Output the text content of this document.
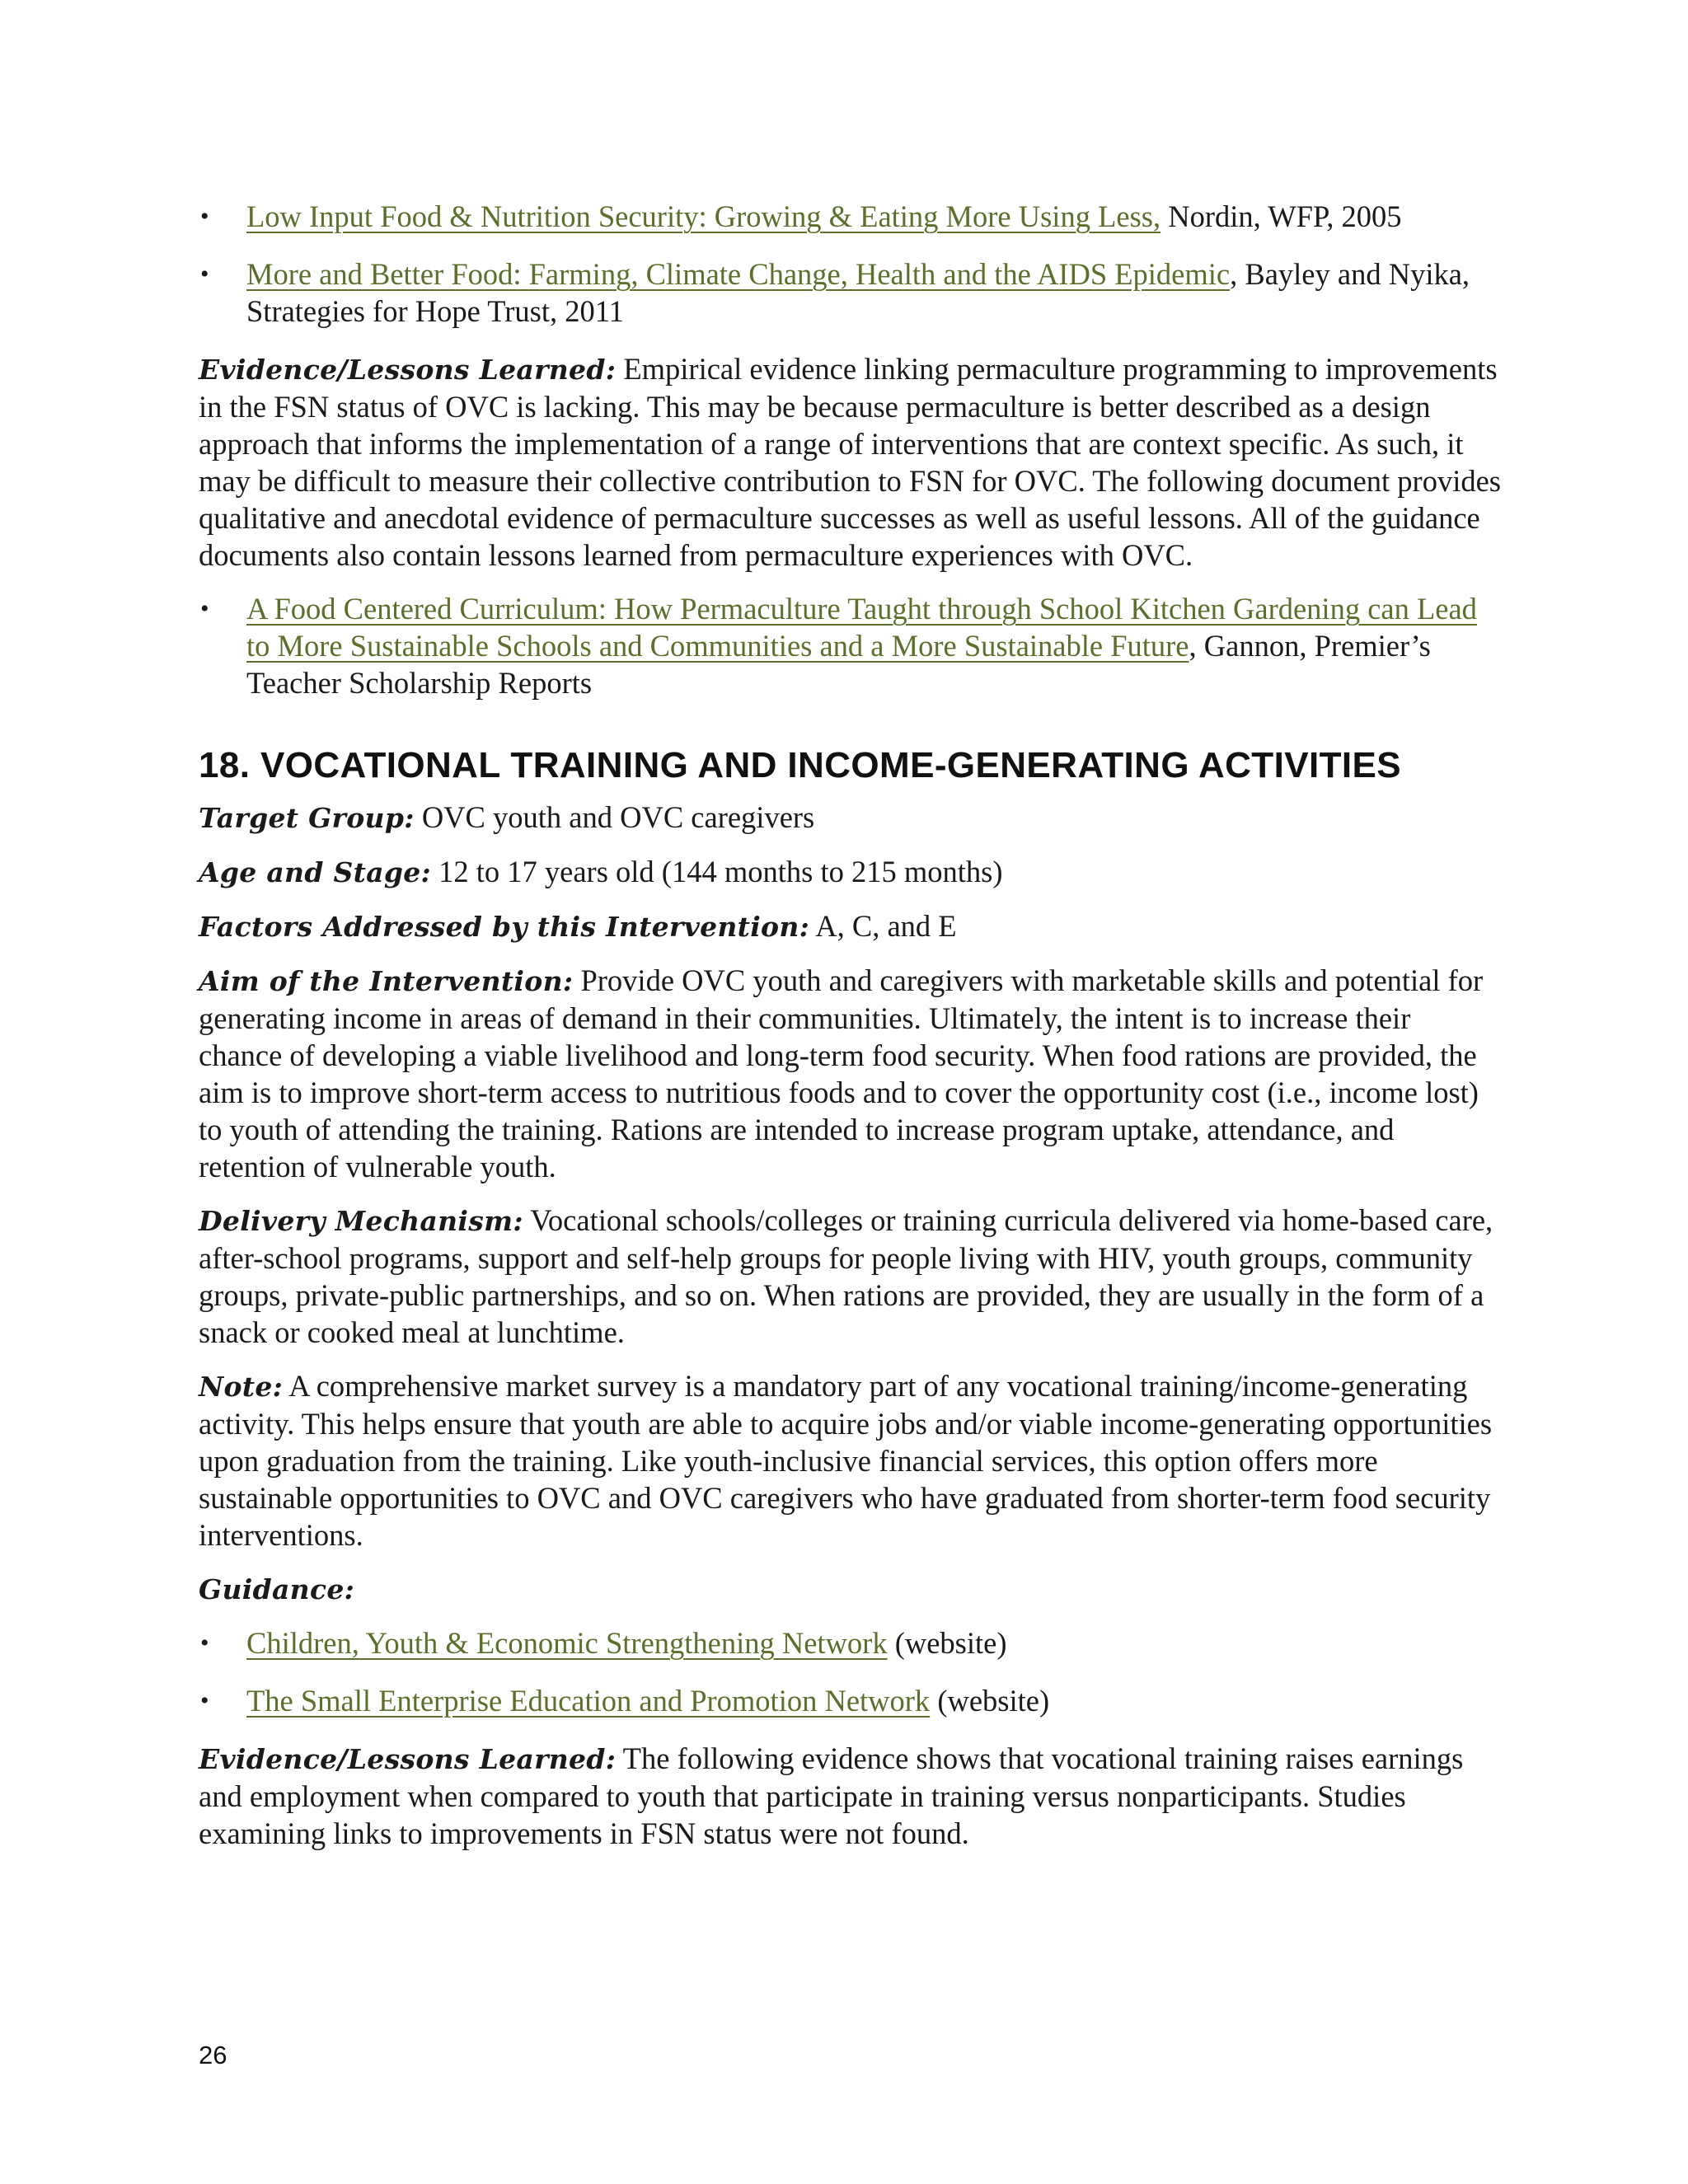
• Low Input Food & Nutrition Security: Growing & Eating More Using Less, Nordin, WFP, 2005
• More and Better Food: Farming, Climate Change, Health and the AIDS Epidemic, Bayley and Nyika, Strategies for Hope Trust, 2011

Evidence/Lessons Learned: Empirical evidence linking permaculture programming to improvements in the FSN status of OVC is lacking. This may be because permaculture is better described as a design approach that informs the implementation of a range of interventions that are context specific. As such, it may be difficult to measure their collective contribution to FSN for OVC. The following document provides qualitative and anecdotal evidence of permaculture successes as well as useful lessons. All of the guidance documents also contain lessons learned from permaculture experiences with OVC.

• A Food Centered Curriculum: How Permaculture Taught through School Kitchen Gardening can Lead to More Sustainable Schools and Communities and a More Sustainable Future, Gannon, Premier’s Teacher Scholarship Reports
18. VOCATIONAL TRAINING AND INCOME-GENERATING ACTIVITIES

Target Group: OVC youth and OVC caregivers

Age and Stage: 12 to 17 years old (144 months to 215 months)

Factors Addressed by this Intervention: A, C, and E

Aim of the Intervention: Provide OVC youth and caregivers with marketable skills and potential for generating income in areas of demand in their communities. Ultimately, the intent is to increase their chance of developing a viable livelihood and long-term food security. When food rations are provided, the aim is to improve short-term access to nutritious foods and to cover the opportunity cost (i.e., income lost) to youth of attending the training. Rations are intended to increase program uptake, attendance, and retention of vulnerable youth.

Delivery Mechanism: Vocational schools/colleges or training curricula delivered via home-based care, after-school programs, support and self-help groups for people living with HIV, youth groups, community groups, private-public partnerships, and so on. When rations are provided, they are usually in the form of a snack or cooked meal at lunchtime.

Note: A comprehensive market survey is a mandatory part of any vocational training/income-generating activity. This helps ensure that youth are able to acquire jobs and/or viable income-generating opportunities upon graduation from the training. Like youth-inclusive financial services, this option offers more sustainable opportunities to OVC and OVC caregivers who have graduated from shorter-term food security interventions.

Guidance:

• Children, Youth & Economic Strengthening Network (website)
• The Small Enterprise Education and Promotion Network (website)

Evidence/Lessons Learned: The following evidence shows that vocational training raises earnings and employment when compared to youth that participate in training versus nonparticipants. Studies examining links to improvements in FSN status were not found.

26
